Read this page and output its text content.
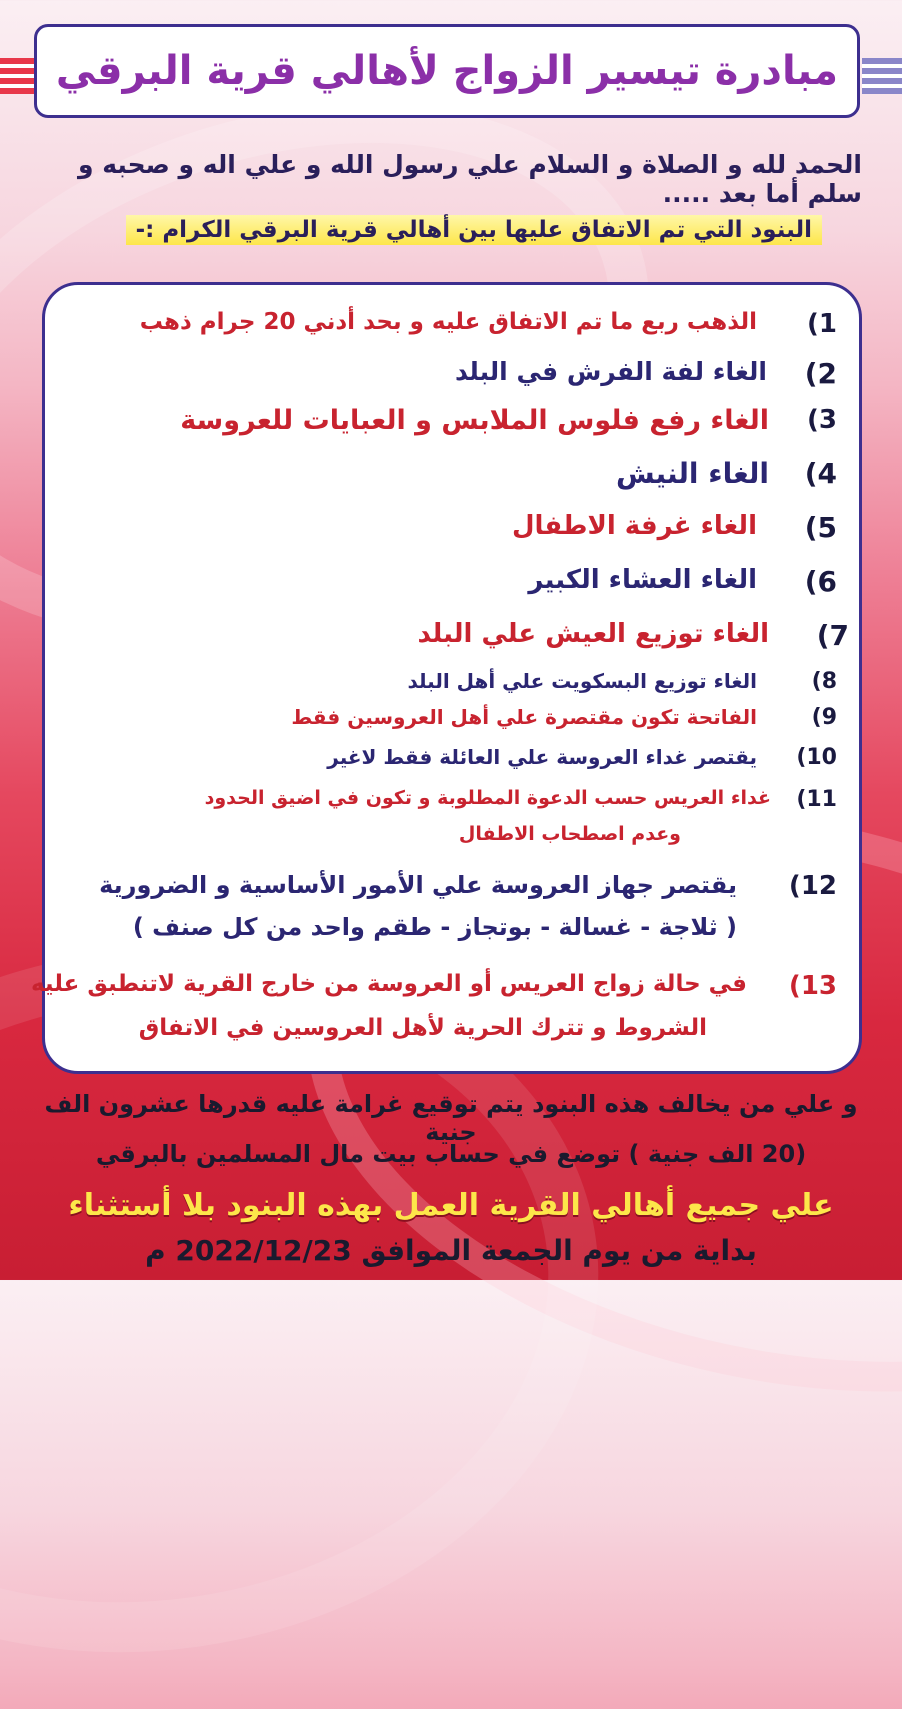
مبادرة تيسير الزواج لأهالي قرية البرقي
الحمد لله و الصلاة و السلام علي رسول الله و علي اله و صحبه و سلم أما بعد .....
البنود التي تم الاتفاق عليها بين أهالي قرية البرقي الكرام :-
1)
الذهب ربع ما تم الاتفاق عليه و بحد أدني 20 جرام ذهب
2)
الغاء لفة الفرش في البلد
3)
الغاء رفع فلوس الملابس و العبايات للعروسة
4)
الغاء النيش
5)
الغاء غرفة الاطفال
6)
الغاء العشاء الكبير
7)
الغاء توزيع العيش علي البلد
8)
الغاء توزيع البسكويت علي أهل البلد
9)
الفاتحة تكون مقتصرة علي أهل العروسين فقط
10)
يقتصر غداء العروسة علي العائلة فقط لاغير
11)
غداء العريس حسب الدعوة المطلوبة و تكون في اضيق الحدود
وعدم اصطحاب الاطفال
12)
يقتصر جهاز العروسة علي الأمور الأساسية و الضرورية
( ثلاجة - غسالة - بوتجاز - طقم واحد من كل صنف )
13)
في حالة زواج العريس أو العروسة من خارج القرية لاتنطبق عليه
الشروط و تترك الحرية لأهل العروسين في الاتفاق
و علي من يخالف هذه البنود يتم توقيع غرامة عليه قدرها عشرون الف جنية
(20 الف جنية ) توضع في حساب بيت مال المسلمين بالبرقي
علي جميع أهالي القرية العمل بهذه البنود بلا أستثناء
بداية من يوم الجمعة الموافق 2022/12/23 م
